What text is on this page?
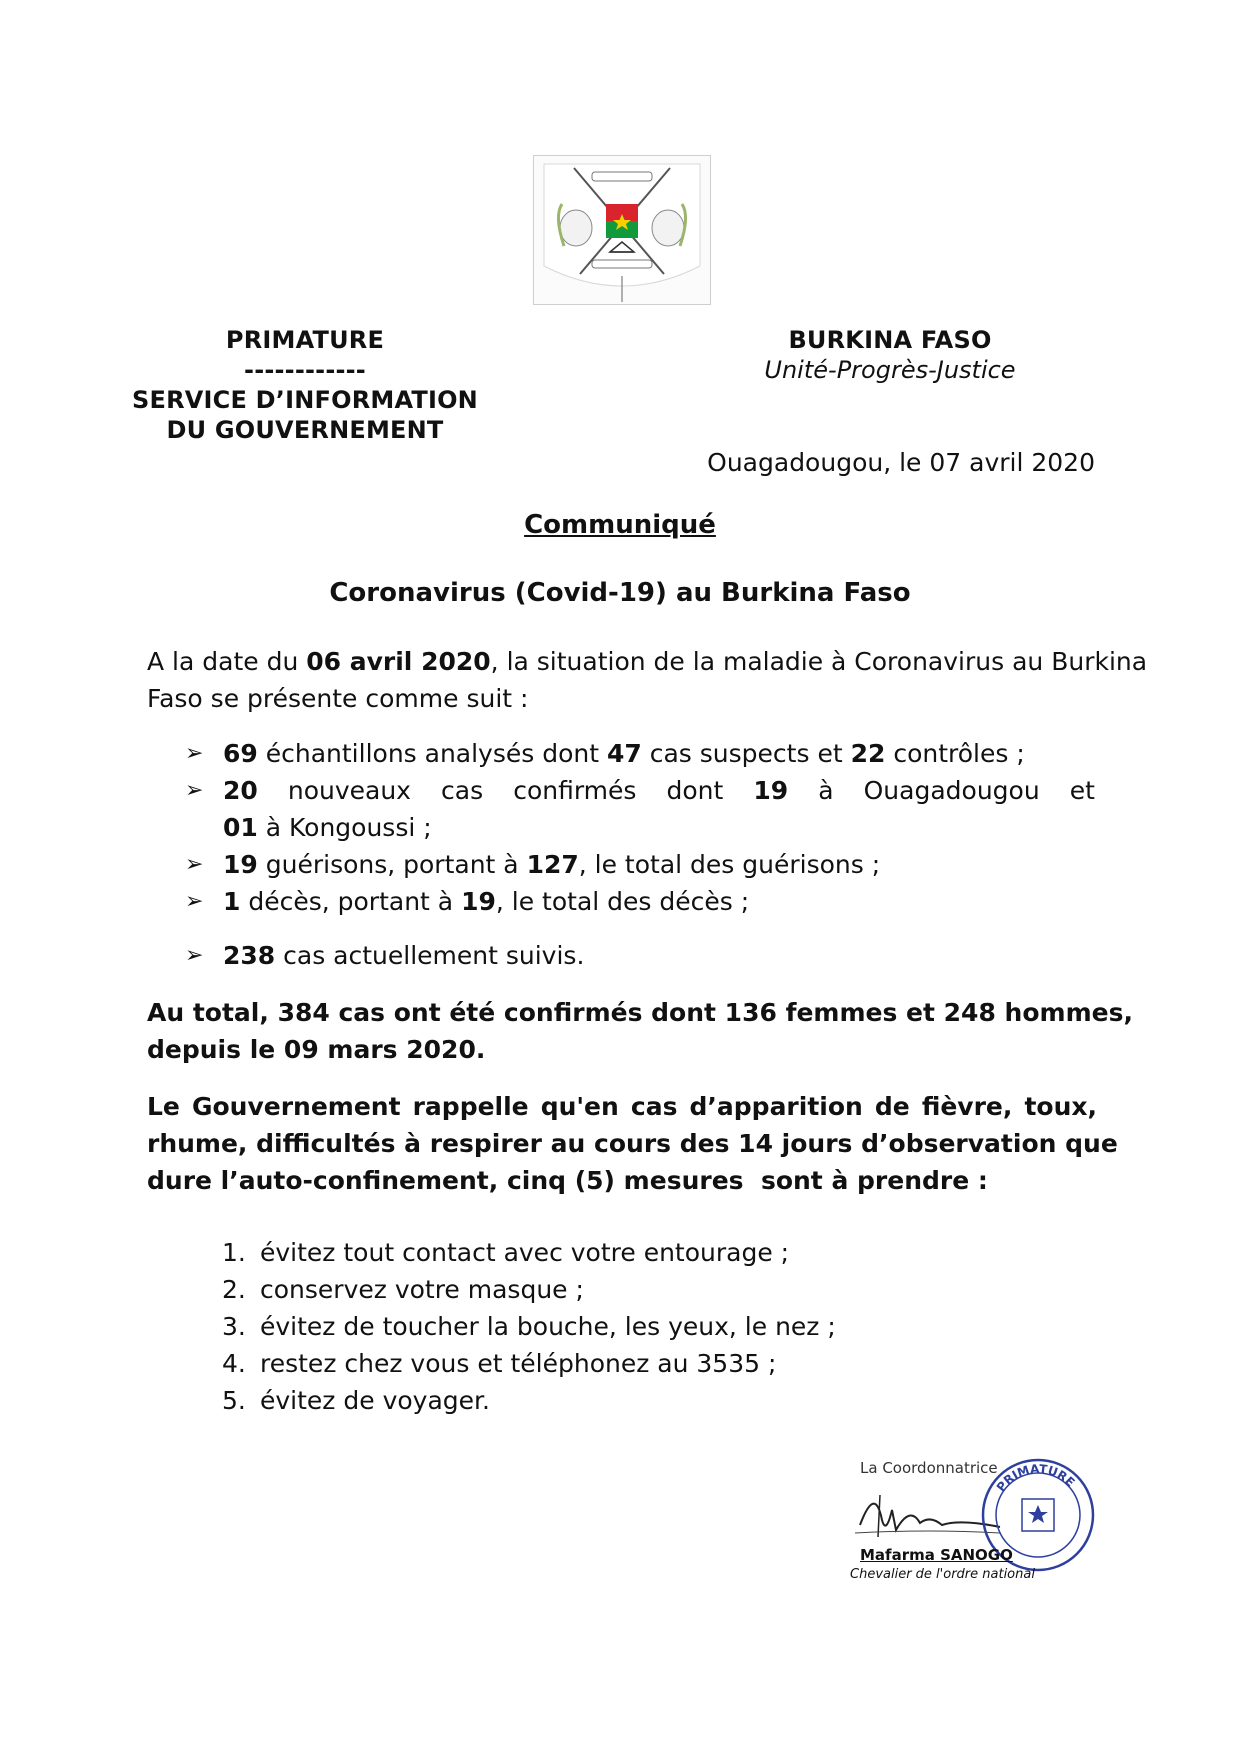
PRIMATURE
------------
SERVICE D’INFORMATION
DU GOUVERNEMENT
BURKINA FASO
Unité-Progrès-Justice
Ouagadougou, le 07 avril 2020
Communiqué
Coronavirus (Covid-19) au Burkina Faso
A la date du 06 avril 2020, la situation de la maladie à Coronavirus au Burkina
Faso se présente comme suit :
➢ 69 échantillons analysés dont 47 cas suspects et 22 contrôles ;
➢ 20 nouveaux cas confirmés dont 19 à Ouagadougou et
01 à Kongoussi ;
➢ 19 guérisons, portant à 127, le total des guérisons ;
➢ 1 décès, portant à 19, le total des décès ;
➢ 238 cas actuellement suivis.
Au total, 384 cas ont été confirmés dont 136 femmes et 248 hommes,
depuis le 09 mars 2020.
Le Gouvernement rappelle qu'en cas d’apparition de fièvre, toux,
rhume, difficultés à respirer au cours des 14 jours d’observation que
dure l’auto-confinement, cinq (5) mesures  sont à prendre :
1. évitez tout contact avec votre entourage ;
2. conservez votre masque ;
3. évitez de toucher la bouche, les yeux, le nez ;
4. restez chez vous et téléphonez au 3535 ;
5. évitez de voyager.
La Coordonnatrice
PRIMATURE
Mafarma SANOGO
Chevalier de l'ordre national
